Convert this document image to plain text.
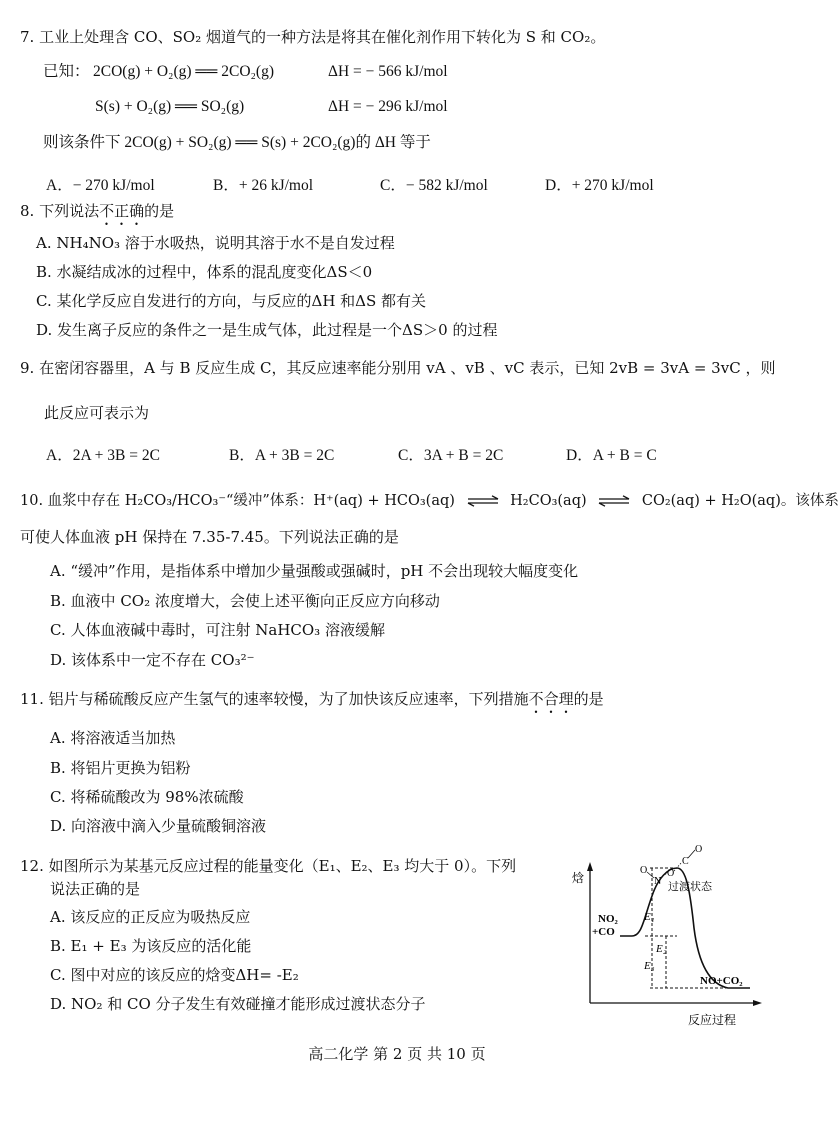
7. 工业上处理含 CO、SO₂ 烟道气的一种方法是将其在催化剂作用下转化为 S 和 CO₂。
已知： 2CO(g) + O₂(g) ══ 2CO₂(g)	ΔH = − 566 kJ/mol
S(s) + O₂(g) ══ SO₂(g)	ΔH = − 296 kJ/mol
则该条件下 2CO(g) + SO₂(g) ══ S(s) + 2CO₂(g)的 ΔH 等于
A．− 270 kJ/mol	B．+ 26 kJ/mol	C．− 582 kJ/mol	D．+ 270 kJ/mol
8. 下列说法不正确的是
A. NH₄NO₃ 溶于水吸热，说明其溶于水不是自发过程
B. 水凝结成冰的过程中，体系的混乱度变化ΔS＜0
C. 某化学反应自发进行的方向，与反应的ΔH 和ΔS 都有关
D. 发生离子反应的条件之一是生成气体，此过程是一个ΔS＞0 的过程
9. 在密闭容器里，A 与 B 反应生成 C，其反应速率能分别用 vA 、vB 、vC 表示，已知 2vB = 3vA = 3vC ，则
此反应可表示为
A．2A + 3B = 2C	B．A + 3B = 2C	C．3A + B = 2C	D．A + B = C
10. 血浆中存在 H₂CO₃/HCO₃⁻“缓冲”体系：H⁺(aq) + HCO₃(aq) ⇌ H₂CO₃(aq) ⇌ CO₂(aq) + H₂O(aq)。该体系
可使人体血液 pH 保持在 7.35-7.45。下列说法正确的是
A. “缓冲”作用，是指体系中增加少量强酸或强碱时，pH 不会出现较大幅度变化
B. 血液中 CO₂ 浓度增大，会使上述平衡向正反应方向移动
C. 人体血液碱中毒时，可注射 NaHCO₃ 溶液缓解
D. 该体系中一定不存在 CO₃²⁻
11. 铝片与稀硫酸反应产生氢气的速率较慢，为了加快该反应速率，下列措施不合理的是
A. 将溶液适当加热
B. 将铝片更换为铝粉
C. 将稀硫酸改为 98%浓硫酸
D. 向溶液中滴入少量硫酸铜溶液
12. 如图所示为某基元反应过程的能量变化（E₁、E₂、E₃ 均大于 0）。下列
说法正确的是
A. 该反应的正反应为吸热反应
B. E₁ + E₃ 为该反应的活化能
C. 图中对应的该反应的焓变ΔH= -E₂
D. NO₂ 和 CO 分子发生有效碰撞才能形成过渡状态分子
焓
反应过程
NO₂
+CO
NO+CO₂
过渡状态
E₁
E₂
E₃
O
N
O
C
O
高二化学 第 2 页 共 10 页
